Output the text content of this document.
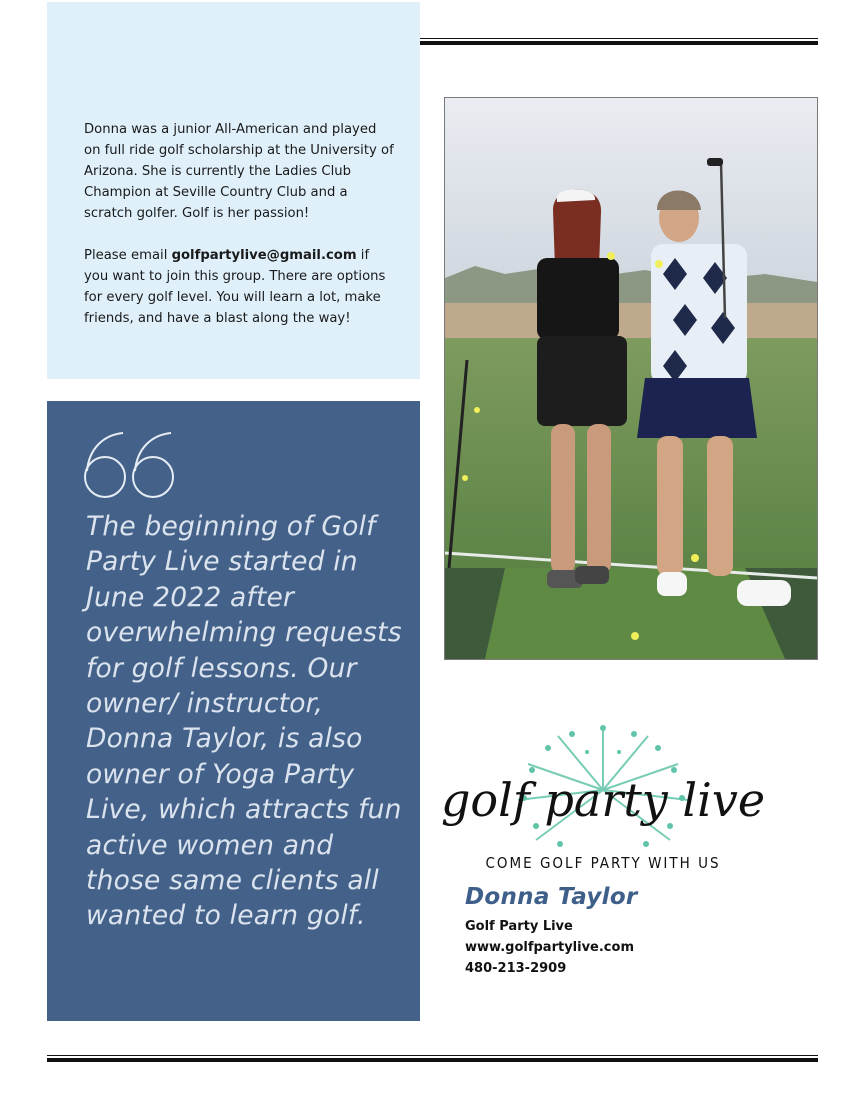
Donna was a junior All-American and played on full ride golf scholarship at the University of Arizona. She is currently the Ladies Club Champion at Seville Country Club and a scratch golfer. Golf is her passion!

Please email golfpartylive@gmail.com if you want to join this group. There are options for every golf level. You will learn a lot, make friends, and have a blast along the way!

The beginning of Golf Party Live started in June 2022 after overwhelming requests for golf lessons. Our owner/ instructor, Donna Taylor, is also owner of Yoga Party Live, which attracts fun active women and those same clients all wanted to learn golf.
golf party live
COME GOLF PARTY WITH US
Donna Taylor
Golf Party Live
www.golfpartylive.com
480-213-2909
